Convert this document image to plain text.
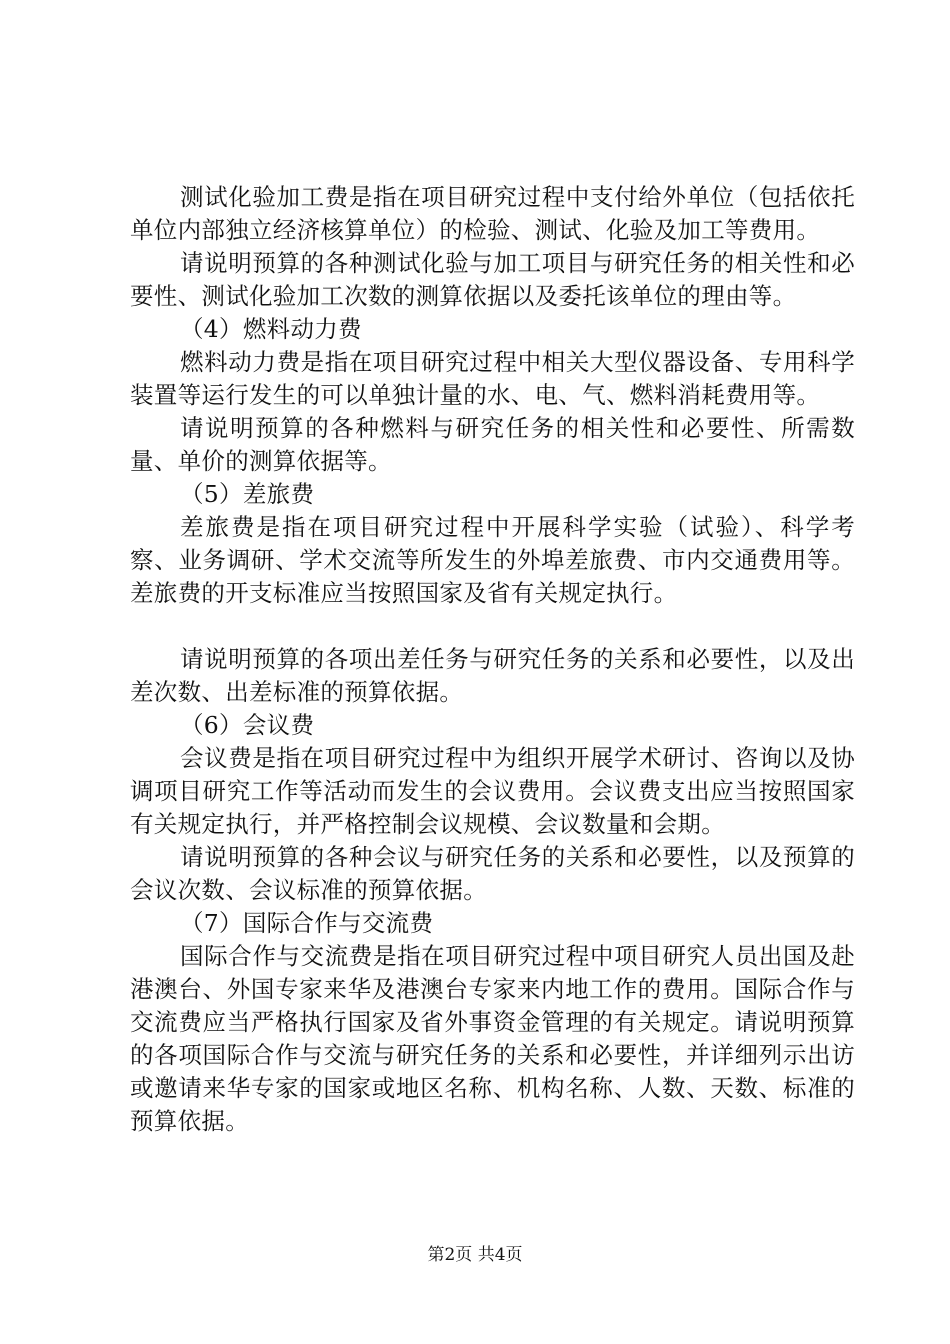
测试化验加工费是指在项目研究过程中支付给外单位（包括依托单位内部独立经济核算单位）的检验、测试、化验及加工等费用。

请说明预算的各种测试化验与加工项目与研究任务的相关性和必要性、测试化验加工次数的测算依据以及委托该单位的理由等。

（4）燃料动力费

燃料动力费是指在项目研究过程中相关大型仪器设备、专用科学装置等运行发生的可以单独计量的水、电、气、燃料消耗费用等。

请说明预算的各种燃料与研究任务的相关性和必要性、所需数量、单价的测算依据等。

（5）差旅费

差旅费是指在项目研究过程中开展科学实验（试验）、科学考察、业务调研、学术交流等所发生的外埠差旅费、市内交通费用等。差旅费的开支标准应当按照国家及省有关规定执行。

请说明预算的各项出差任务与研究任务的关系和必要性，以及出差次数、出差标准的预算依据。

（6）会议费

会议费是指在项目研究过程中为组织开展学术研讨、咨询以及协调项目研究工作等活动而发生的会议费用。会议费支出应当按照国家有关规定执行，并严格控制会议规模、会议数量和会期。

请说明预算的各种会议与研究任务的关系和必要性，以及预算的会议次数、会议标准的预算依据。

（7）国际合作与交流费

国际合作与交流费是指在项目研究过程中项目研究人员出国及赴港澳台、外国专家来华及港澳台专家来内地工作的费用。国际合作与交流费应当严格执行国家及省外事资金管理的有关规定。请说明预算的各项国际合作与交流与研究任务的关系和必要性，并详细列示出访或邀请来华专家的国家或地区名称、机构名称、人数、天数、标准的预算依据。

第2页 共4页
